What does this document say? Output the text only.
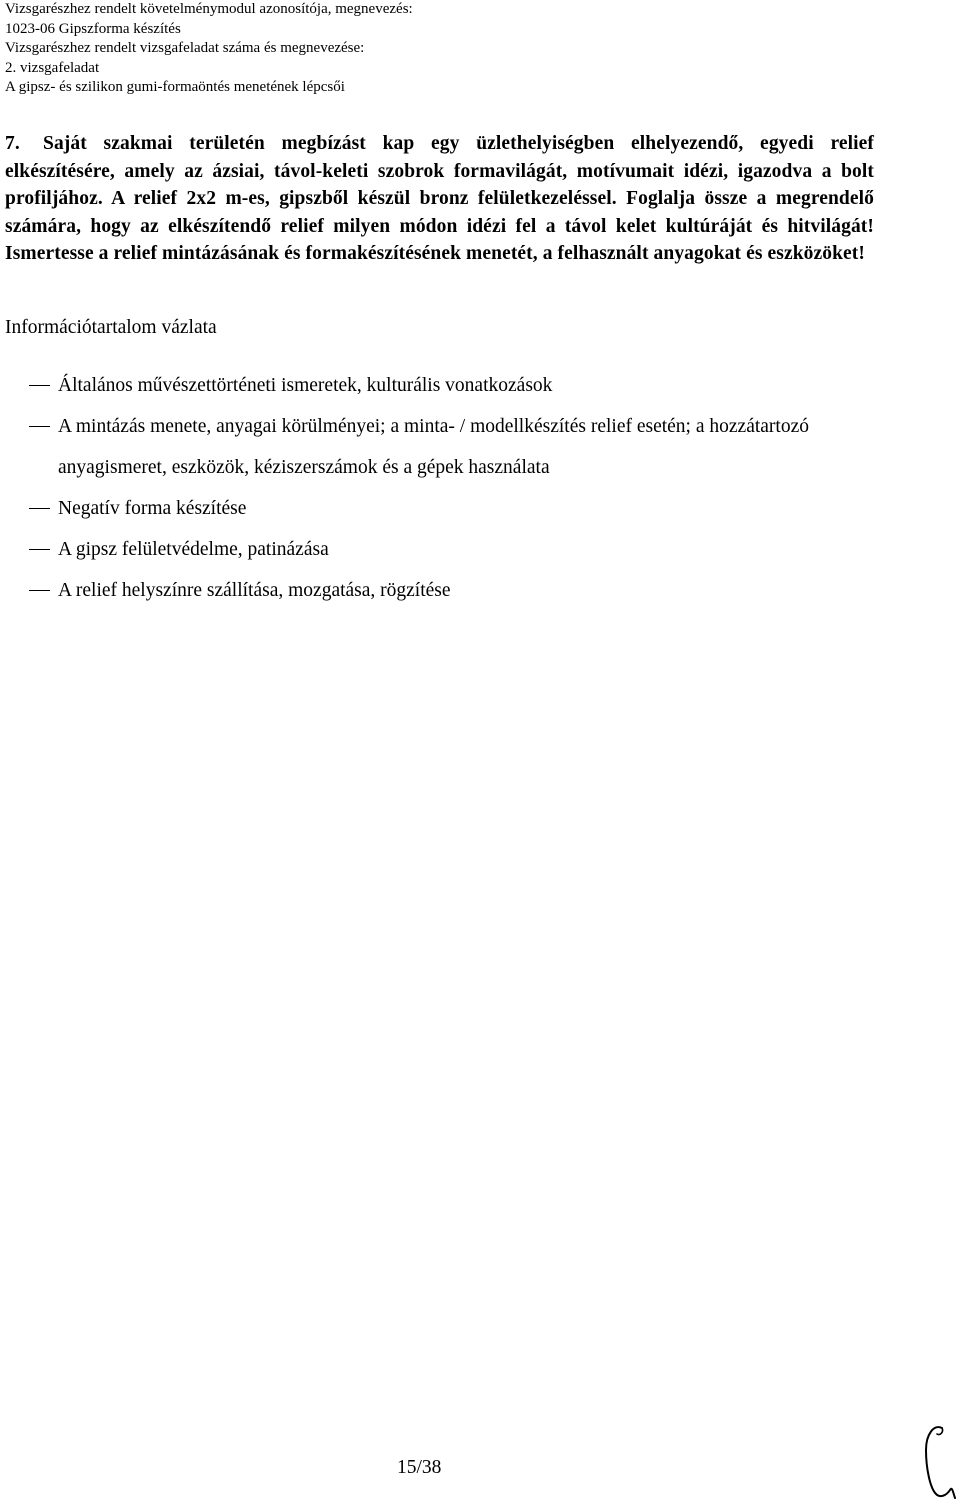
Vizsgarészhez rendelt követelménymodul azonosítója, megnevezés:
1023-06 Gipszforma készítés
Vizsgarészhez rendelt vizsgafeladat száma és megnevezése:
2. vizsgafeladat
A gipsz- és szilikon gumi-formaöntés menetének lépcsői
7. Saját szakmai területén megbízást kap egy üzlethelyiségben elhelyezendő, egyedi relief elkészítésére, amely az ázsiai, távol-keleti szobrok formavilágát, motívumait idézi, igazodva a bolt profiljához. A relief 2x2 m-es, gipszből készül bronz felületkezeléssel. Foglalja össze a megrendelő számára, hogy az elkészítendő relief milyen módon idézi fel a távol kelet kultúráját és hitvilágát! Ismertesse a relief mintázásának és formakészítésének menetét, a felhasznált anyagokat és eszközöket!
Információtartalom vázlata
Általános művészettörténeti ismeretek, kulturális vonatkozások
A mintázás menete, anyagai körülményei; a minta- / modellkészítés relief esetén; a hozzátartozó anyagismeret, eszközök, kéziszerszámok és a gépek használata
Negatív forma készítése
A gipsz felületvédelme, patinázása
A relief helyszínre szállítása, mozgatása, rögzítése
15/38
